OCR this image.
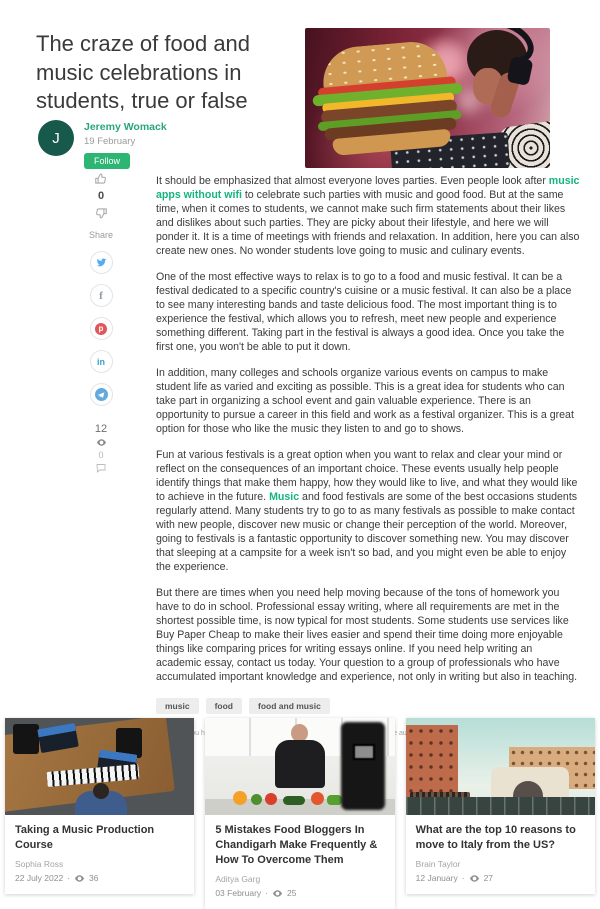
The craze of food and music celebrations in students, true or false
J
Jeremy Womack
19 February
Follow
0
Share
f
p
in
12
0

It should be emphasized that almost everyone loves parties. Even people look after music apps without wifi to celebrate such parties with music and good food. But at the same time, when it comes to students, we cannot make such firm statements about their likes and dislikes about such parties. They are picky about their lifestyle, and here we will ponder it. It is a time of meetings with friends and relaxation. In addition, here you can also create new ones. No wonder students love going to music and culinary events.

One of the most effective ways to relax is to go to a food and music festival. It can be a festival dedicated to a specific country's cuisine or a music festival. It can also be a place to see many interesting bands and taste delicious food. The most important thing is to experience the festival, which allows you to refresh, meet new people and experience something different. Taking part in the festival is always a good idea. Once you take the first one, you won't be able to put it down.

In addition, many colleges and schools organize various events on campus to make student life as varied and exciting as possible. This is a great idea for students who can take part in organizing a school event and gain valuable experience. There is an opportunity to pursue a career in this field and work as a festival organizer. This is a great option for those who like the music they listen to and go to shows.

Fun at various festivals is a great option when you want to relax and clear your mind or reflect on the consequences of an important choice. These events usually help people identify things that make them happy, how they would like to live, and what they would like to achieve in the future. Music and food festivals are some of the best occasions students regularly attend. Many students try to go to as many festivals as possible to make contact with new people, discover new music or change their perception of the world. Moreover, going to festivals is a fantastic opportunity to discover something new. You may discover that sleeping at a campsite for a week isn't so bad, and you might even be able to enjoy the experience.

But there are times when you need help moving because of the tons of homework you have to do in school. Professional essay writing, where all requirements are met in the shortest possible time, is now typical for most students. Some students use services like Buy Paper Cheap to make their lives easier and spend their time doing more enjoyable things like comparing prices for writing essays online. If you need help writing an academic essay, contact us today. Your question to a group of professionals who have accumulated important knowledge and experience, not only in writing but also in teaching.

music	food	food and music
Taking a Music Production Course
Sophia Ross
22 July 2022 · 36
5 Mistakes Food Bloggers In Chandigarh Make Frequently & How To Overcome Them
Aditya Garg
03 February · 25
What are the top 10 reasons to move to Italy from the US?
Brain Taylor
12 January · 27
